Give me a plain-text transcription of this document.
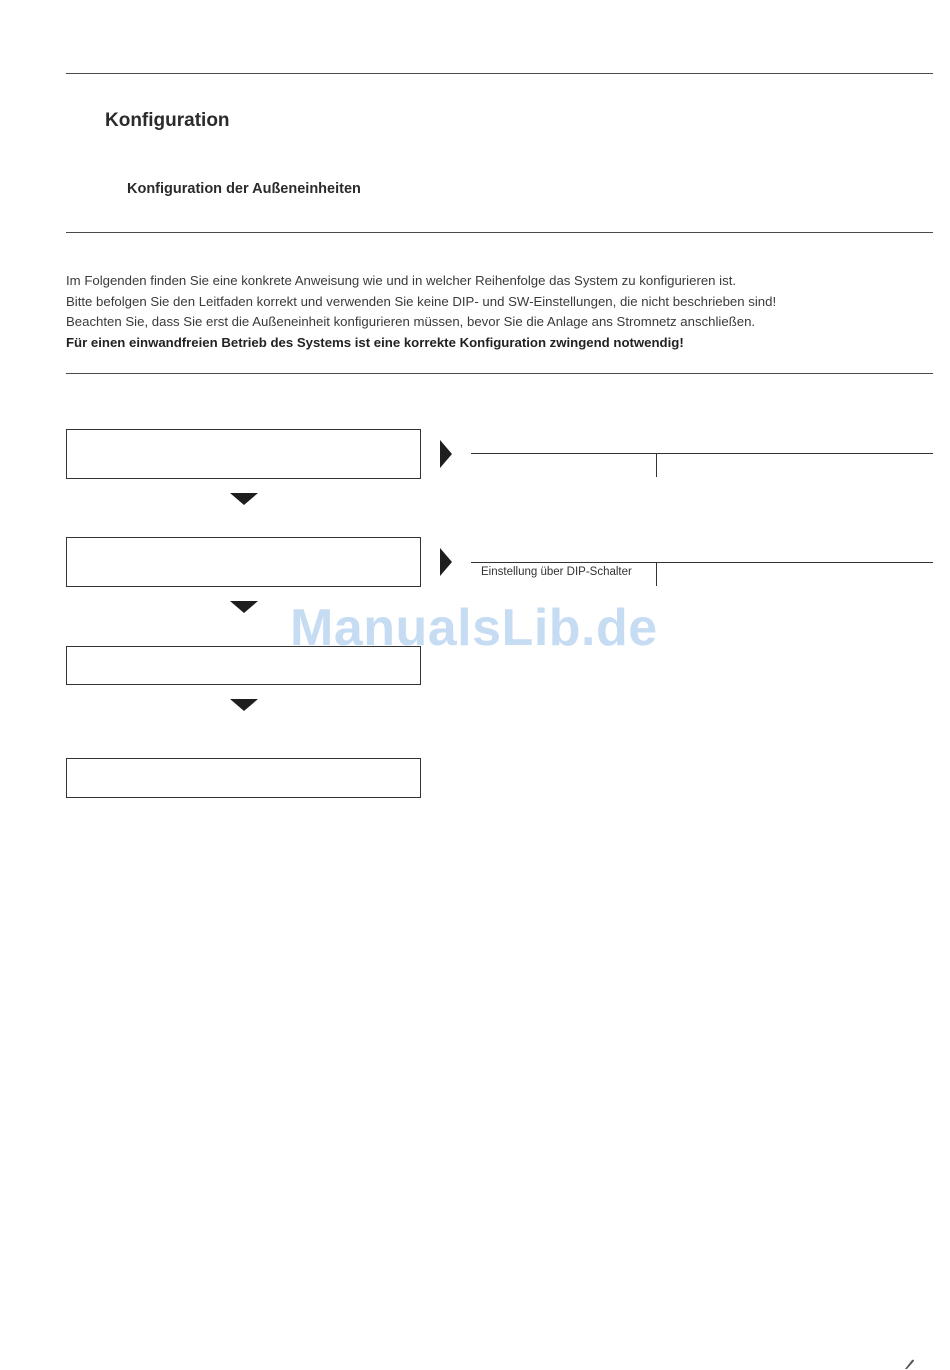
Konfiguration
Konfiguration der Außeneinheiten

Im Folgenden finden Sie eine konkrete Anweisung wie und in welcher Reihenfolge das System zu konfigurieren ist.

Bitte befolgen Sie den Leitfaden korrekt und verwenden Sie keine DIP- und SW-Einstellungen, die nicht beschrieben sind!

Beachten Sie, dass Sie erst die Außeneinheit konfigurieren müssen, bevor Sie die Anlage ans Stromnetz anschließen.

Für einen einwandfreien Betrieb des Systems ist eine korrekte Konfiguration zwingend notwendig!

Einstellung über DIP-Schalter
ManualsLib.de
